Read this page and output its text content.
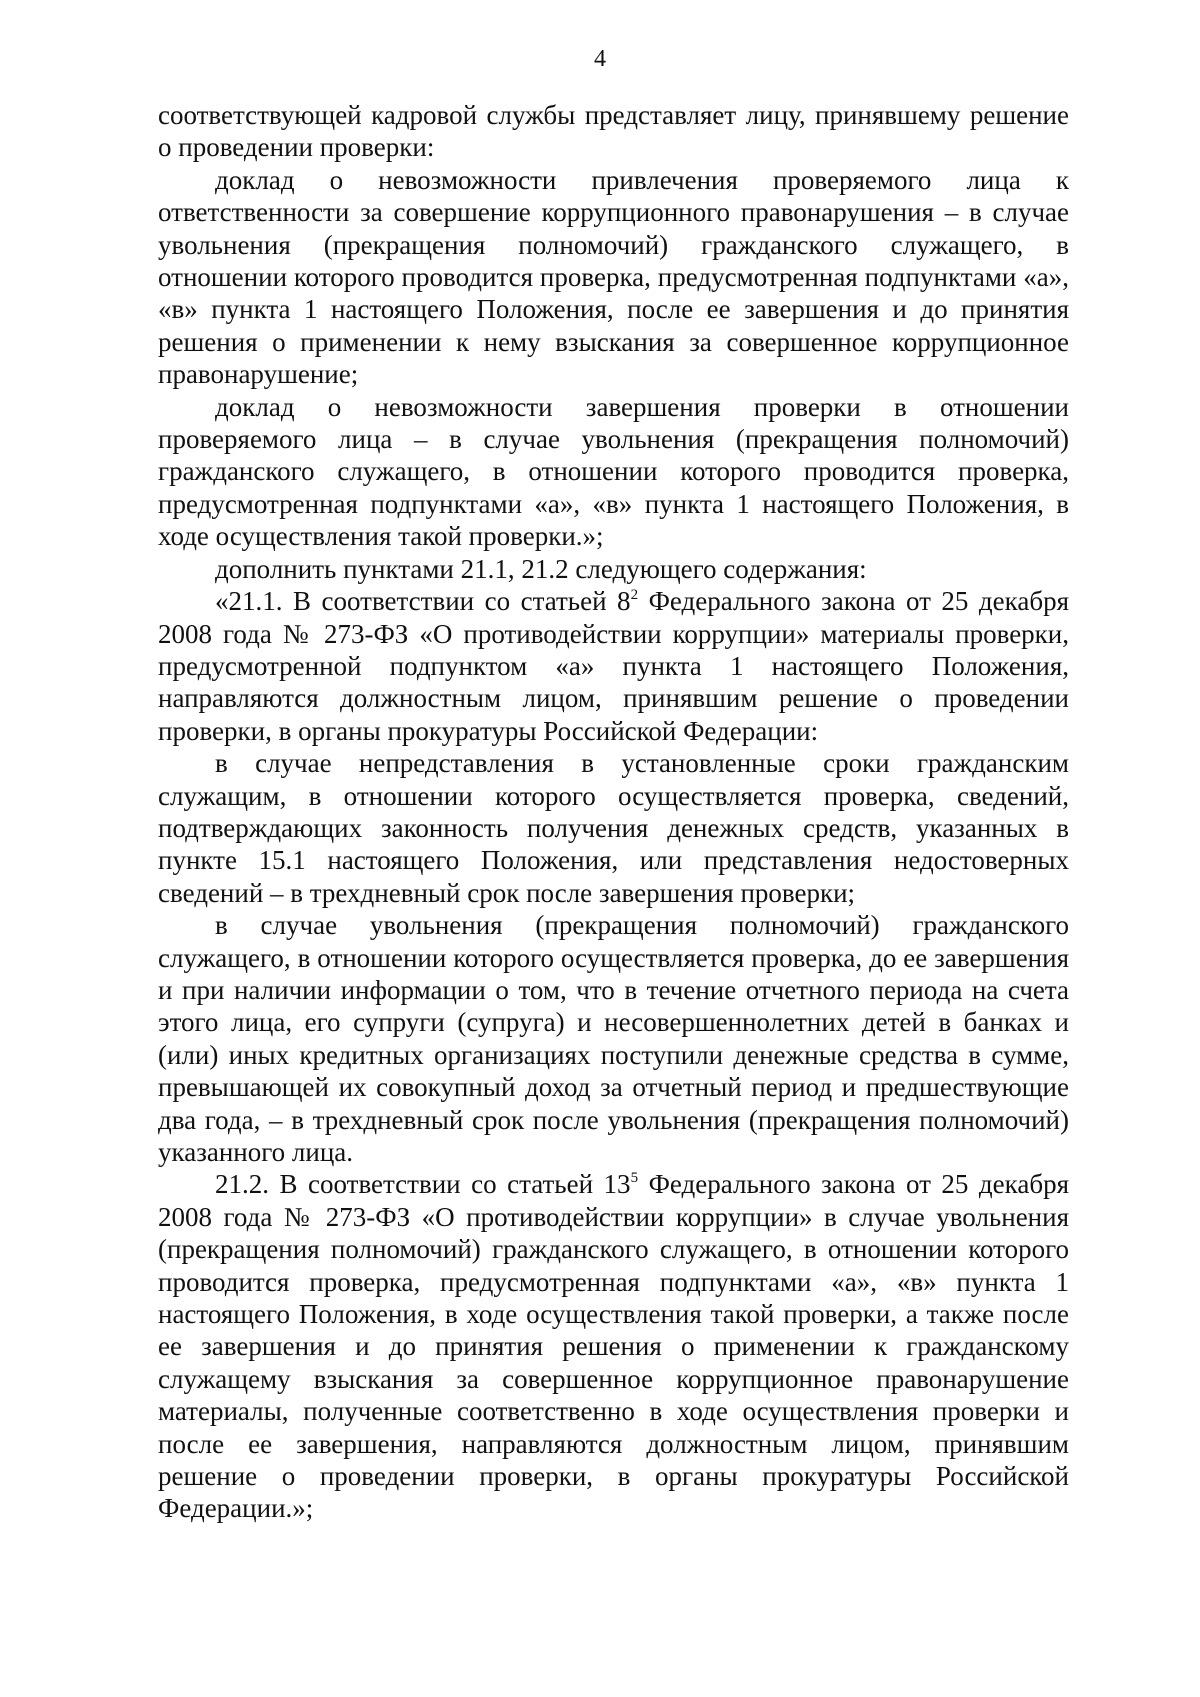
4

соответствующей кадровой службы представляет лицу, принявшему решение о проведении проверки:

доклад о невозможности привлечения проверяемого лица к ответственности за совершение коррупционного правонарушения – в случае увольнения (прекращения полномочий) гражданского служащего, в отношении которого проводится проверка, предусмотренная подпунктами «а», «в» пункта 1 настоящего Положения, после ее завершения и до принятия решения о применении к нему взыскания за совершенное коррупционное правонарушение;

доклад о невозможности завершения проверки в отношении проверяемого лица – в случае увольнения (прекращения полномочий) гражданского служащего, в отношении которого проводится проверка, предусмотренная подпунктами «а», «в» пункта 1 настоящего Положения, в ходе осуществления такой проверки.»;

дополнить пунктами 21.1, 21.2 следующего содержания:

«21.1. В соответствии со статьей $8^2$ Федерального закона от 25 декабря 2008 года № 273-ФЗ «О противодействии коррупции» материалы проверки, предусмотренной подпунктом «а» пункта 1 настоящего Положения, направляются должностным лицом, принявшим решение о проведении проверки, в органы прокуратуры Российской Федерации:

в случае непредставления в установленные сроки гражданским служащим, в отношении которого осуществляется проверка, сведений, подтверждающих законность получения денежных средств, указанных в пункте 15.1 настоящего Положения, или представления недостоверных сведений – в трехдневный срок после завершения проверки;

в случае увольнения (прекращения полномочий) гражданского служащего, в отношении которого осуществляется проверка, до ее завершения и при наличии информации о том, что в течение отчетного периода на счета этого лица, его супруги (супруга) и несовершеннолетних детей в банках и (или) иных кредитных организациях поступили денежные средства в сумме, превышающей их совокупный доход за отчетный период и предшествующие два года, – в трехдневный срок после увольнения (прекращения полномочий) указанного лица.

21.2. В соответствии со статьей $13^5$ Федерального закона от 25 декабря 2008 года № 273-ФЗ «О противодействии коррупции» в случае увольнения (прекращения полномочий) гражданского служащего, в отношении которого проводится проверка, предусмотренная подпунктами «а», «в» пункта 1 настоящего Положения, в ходе осуществления такой проверки, а также после ее завершения и до принятия решения о применении к гражданскому служащему взыскания за совершенное коррупционное правонарушение материалы, полученные соответственно в ходе осуществления проверки и после ее завершения, направляются должностным лицом, принявшим решение о проведении проверки, в органы прокуратуры Российской Федерации.»;
